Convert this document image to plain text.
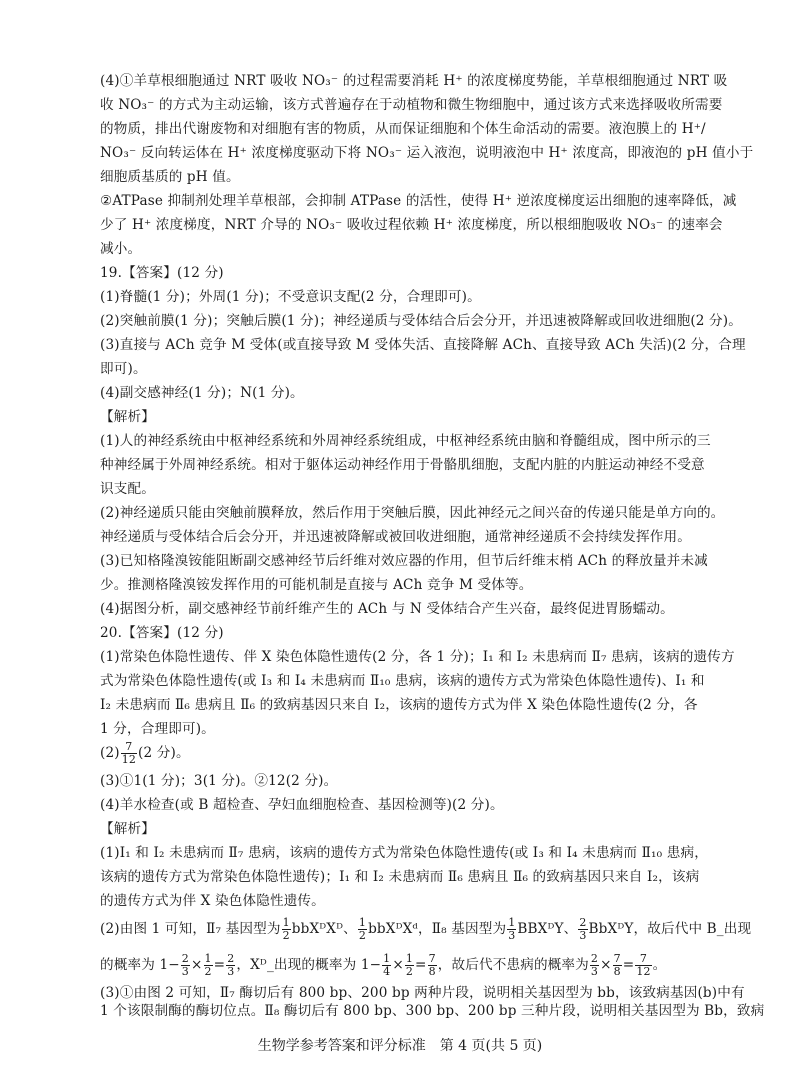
(4)①羊草根细胞通过 NRT 吸收 NO₃⁻ 的过程需要消耗 H⁺ 的浓度梯度势能，羊草根细胞通过 NRT 吸
收 NO₃⁻ 的方式为主动运输，该方式普遍存在于动植物和微生物细胞中，通过该方式来选择吸收所需要
的物质，排出代谢废物和对细胞有害的物质，从而保证细胞和个体生命活动的需要。液泡膜上的 H⁺/
NO₃⁻ 反向转运体在 H⁺ 浓度梯度驱动下将 NO₃⁻ 运入液泡，说明液泡中 H⁺ 浓度高，即液泡的 pH 值小于
细胞质基质的 pH 值。
②ATPase 抑制剂处理羊草根部，会抑制 ATPase 的活性，使得 H⁺ 逆浓度梯度运出细胞的速率降低，减
少了 H⁺ 浓度梯度，NRT 介导的 NO₃⁻ 吸收过程依赖 H⁺ 浓度梯度，所以根细胞吸收 NO₃⁻ 的速率会
减小。
19.【答案】(12 分)
(1)脊髓(1 分)；外周(1 分)；不受意识支配(2 分，合理即可)。
(2)突触前膜(1 分)；突触后膜(1 分)；神经递质与受体结合后会分开，并迅速被降解或回收进细胞(2 分)。
(3)直接与 ACh 竞争 M 受体(或直接导致 M 受体失活、直接降解 ACh、直接导致 ACh 失活)(2 分，合理
即可)。
(4)副交感神经(1 分)；N(1 分)。
【解析】
(1)人的神经系统由中枢神经系统和外周神经系统组成，中枢神经系统由脑和脊髓组成，图中所示的三
种神经属于外周神经系统。相对于躯体运动神经作用于骨骼肌细胞，支配内脏的内脏运动神经不受意
识支配。
(2)神经递质只能由突触前膜释放，然后作用于突触后膜，因此神经元之间兴奋的传递只能是单方向的。
神经递质与受体结合后会分开，并迅速被降解或被回收进细胞，通常神经递质不会持续发挥作用。
(3)已知格隆溴铵能阻断副交感神经节后纤维对效应器的作用，但节后纤维末梢 ACh 的释放量并未减
少。推测格隆溴铵发挥作用的可能机制是直接与 ACh 竞争 M 受体等。
(4)据图分析，副交感神经节前纤维产生的 ACh 与 N 受体结合产生兴奋，最终促进胃肠蠕动。
20.【答案】(12 分)
(1)常染色体隐性遗传、伴 X 染色体隐性遗传(2 分，各 1 分)；Ⅰ₁ 和 Ⅰ₂ 未患病而 Ⅱ₇ 患病，该病的遗传方
式为常染色体隐性遗传(或 Ⅰ₃ 和 Ⅰ₄ 未患病而 Ⅱ₁₀ 患病，该病的遗传方式为常染色体隐性遗传)、Ⅰ₁ 和
Ⅰ₂ 未患病而 Ⅱ₆ 患病且 Ⅱ₆ 的致病基因只来自 Ⅰ₂，该病的遗传方式为伴 X 染色体隐性遗传(2 分，各
1 分，合理即可)。
$(2) \frac{7}{12} (2$ 分)。
(3)①1(1 分)；3(1 分)。②12(2 分)。
(4)羊水检查(或 B 超检查、孕妇血细胞检查、基因检测等)(2 分)。
【解析】
(1)Ⅰ₁ 和 Ⅰ₂ 未患病而 Ⅱ₇ 患病，该病的遗传方式为常染色体隐性遗传(或 Ⅰ₃ 和 Ⅰ₄ 未患病而 Ⅱ₁₀ 患病，
该病的遗传方式为常染色体隐性遗传)；Ⅰ₁ 和 Ⅰ₂ 未患病而 Ⅱ₆ 患病且 Ⅱ₆ 的致病基因只来自 Ⅰ₂，该病
的遗传方式为伴 X 染色体隐性遗传。
(2)由图 1 可知，Ⅱ₇ 基因型为 $\frac{1}{2}$ bbXᴰXᴰ、 $\frac{1}{2}$ bbXᴰXᵈ，Ⅱ₈ 基因型为 $\frac{1}{3}$ BBXᴰY、 $\frac{2}{3}$ BbXᴰY，故后代中 B_出现
的概率为 $1- \frac{2}{3} \times \frac{1}{2} = \frac{2}{3}$ ，Xᴰ_出现的概率为 $1- \frac{1}{4} \times \frac{1}{2} = \frac{7}{8}$ ，故后代不患病的概率为 $\frac{2}{3} \times \frac{7}{8} = \frac{7}{12}$ 。
(3)①由图 2 可知，Ⅱ₇ 酶切后有 800 bp、200 bp 两种片段，说明相关基因型为 bb，该致病基因(b)中有
1 个该限制酶的酶切位点。Ⅱ₈ 酶切后有 800 bp、300 bp、200 bp 三种片段，说明相关基因型为 Bb，致病
生物学参考答案和评分标准　第 4 页(共 5 页)
